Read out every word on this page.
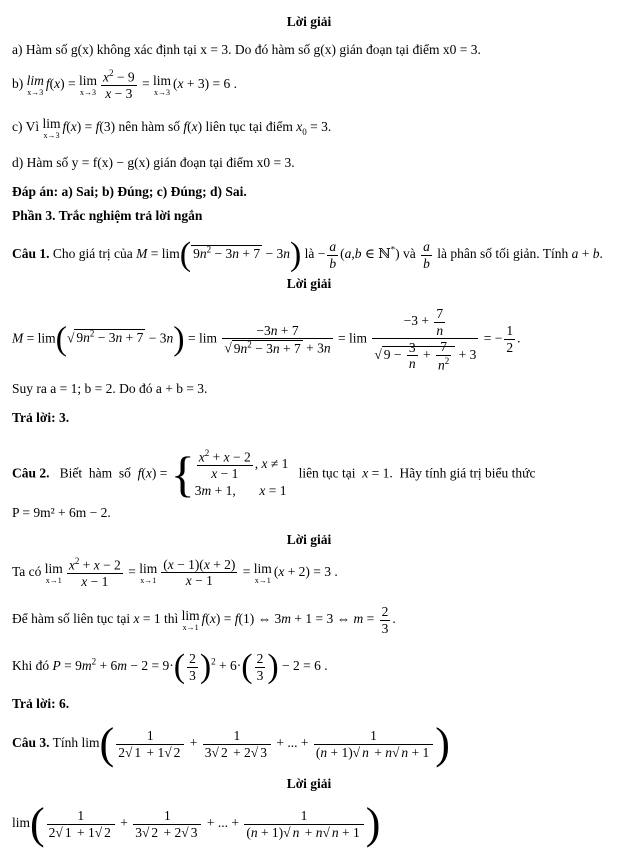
Lời giải
a) Hàm số g(x) không xác định tại x = 3. Do đó hàm số g(x) gián đoạn tại điểm x0 = 3.
b) lim
x→3
f(x) = lim
$x\to 3 \frac{x^2 - 9}{x - 3} = \lim$
x→3
(x + 3) = 6 .
c) Vì lim
x→3
f(x) = f(3) nên hàm số f(x) liên tục tại điểm $x_0 = 3$.
d) Hàm số y = f(x) − g(x) gián đoạn tại điểm x0 = 3.
Đáp án: a) Sai; b) Đúng; c) Đúng; d) Sai.
Phần 3. Trắc nghiệm trả lời ngắn
Câu 1. Cho giá trị của M = lim( $9n^2 - 3n + 7 - 3n$) là − $\frac{a}{b} (a,b$ ∈ ℕ*) và $\frac{a}{b}$ là phân số tối giản. Tính a + b.
Lời giải
M = lim(√ $9n^2 - 3n + 7 - 3n) = \lim \frac{-3n + 7}{√ 9n^2 - 3n + 7 + 3n} = \lim \frac{-3 + \frac{7}{n}}{√ 9 - \frac{3}{n} + \frac{7}{n^2} + 3}$ = − $\frac{1}{2}$ .
Suy ra a = 1; b = 2. Do đó a + b = 3.
Trả lời: 3.
Câu 2.   Biết  hàm  số  f(x) = { $\frac{x^2 + x - 2}{x - 1}$ , x ≠ 1
3m + 1,       x = 1
liên tục tại  x = 1.  Hãy tính giá trị biểu thức
P = 9m² + 6m − 2.
Lời giải
Ta có lim
$x\to 1 \frac{x^2 + x - 2}{x - 1} = \lim$
$x\to 1 \frac{(x - 1)(x + 2)}{x - 1} = \lim$
x→1
(x + 2) = 3 .
Để hàm số liên tục tại x = 1 thì lim
x→1
f(x) = f(1) ⇔ 3m + 1 = 3 ⇔ $m = \frac{2}{3}$ .
Khi đó $P = 9m^2 + 6m - 2 = 9\cdot( \frac{2}{3} )^2 + 6\cdot( \frac{2}{3}$ ) − 2 = 6 .
Trả lời: 6.
Câu 3. Tính $\lim( \frac{1}{2√ 1 + 1√ 2} + \frac{1}{3√ 2 + 2√ 3}$ + ... + $\frac{1}{(n + 1)√ n + n√ n + 1}$ )
Lời giải
$\lim( \frac{1}{2√ 1 + 1√ 2} + \frac{1}{3√ 2 + 2√ 3}$ + ... + $\frac{1}{(n + 1)√ n + n√ n + 1}$ )
